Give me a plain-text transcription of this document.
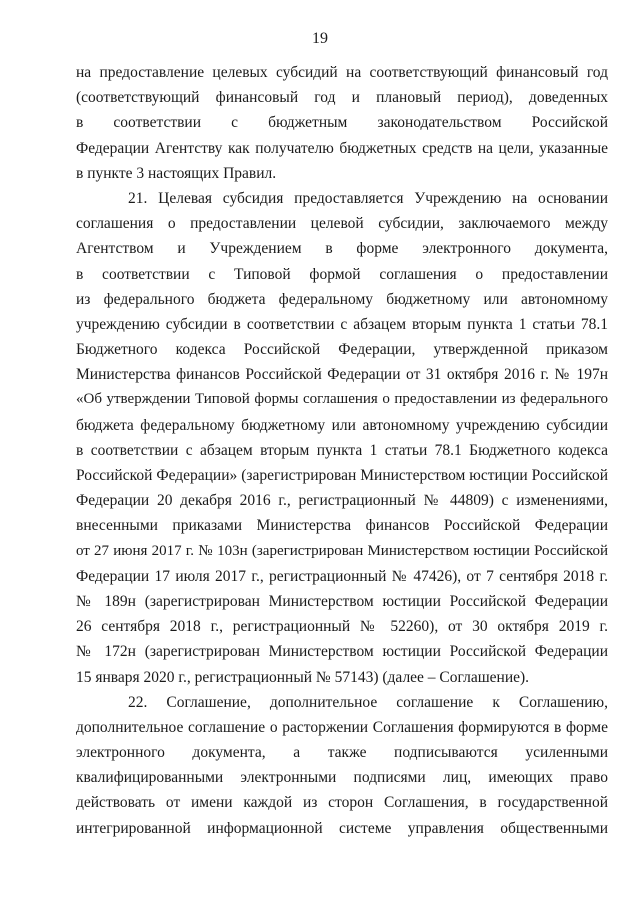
19
на предоставление целевых субсидий на соответствующий финансовый год
(соответствующий финансовый год и плановый период), доведенных
в соответствии с бюджетным законодательством Российской
Федерации Агентству как получателю бюджетных средств на цели, указанные
в пункте 3 настоящих Правил.
21. Целевая субсидия предоставляется Учреждению на основании
соглашения о предоставлении целевой субсидии, заключаемого между
Агентством и Учреждением в форме электронного документа,
в соответствии с Типовой формой соглашения о предоставлении
из федерального бюджета федеральному бюджетному или автономному
учреждению субсидии в соответствии с абзацем вторым пункта 1 статьи 78.1
Бюджетного кодекса Российской Федерации, утвержденной приказом
Министерства финансов Российской Федерации от 31 октября 2016 г. № 197н
«Об утверждении Типовой формы соглашения о предоставлении из федерального
бюджета федеральному бюджетному или автономному учреждению субсидии
в соответствии с абзацем вторым пункта 1 статьи 78.1 Бюджетного кодекса
Российской Федерации» (зарегистрирован Министерством юстиции Российской
Федерации 20 декабря 2016 г., регистрационный № 44809) с изменениями,
внесенными приказами Министерства финансов Российской Федерации
от 27 июня 2017 г. № 103н (зарегистрирован Министерством юстиции Российской
Федерации 17 июля 2017 г., регистрационный № 47426), от 7 сентября 2018 г.
№ 189н (зарегистрирован Министерством юстиции Российской Федерации
26 сентября 2018 г., регистрационный № 52260), от 30 октября 2019 г.
№ 172н (зарегистрирован Министерством юстиции Российской Федерации
15 января 2020 г., регистрационный № 57143) (далее – Соглашение).
22. Соглашение, дополнительное соглашение к Соглашению,
дополнительное соглашение о расторжении Соглашения формируются в форме
электронного документа, а также подписываются усиленными
квалифицированными электронными подписями лиц, имеющих право
действовать от имени каждой из сторон Соглашения, в государственной
интегрированной информационной системе управления общественными
